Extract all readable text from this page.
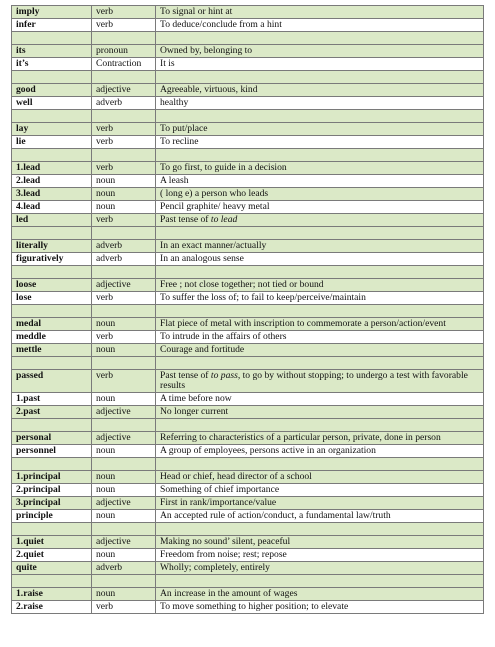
imply	verb	To signal or hint at
infer	verb	To deduce/conclude from a hint

its	pronoun	Owned by, belonging to
it’s	Contraction	It is

good	adjective	Agreeable, virtuous, kind
well	adverb	healthy

lay	verb	To put/place
lie	verb	To recline

1.lead	verb	To go first, to guide in a decision
2.lead	noun	A leash
3.lead	noun	( long e) a person who leads
4.lead	noun	Pencil graphite/ heavy metal
led	verb	Past tense of to lead

literally	adverb	In an exact manner/actually
figuratively	adverb	In an analogous sense

loose	adjective	Free ; not close together; not tied or bound
lose	verb	To suffer the loss of; to fail to keep/perceive/maintain

medal	noun	Flat piece of metal with inscription to commemorate a person/action/event
meddle	verb	To intrude in the affairs of others
mettle	noun	Courage and fortitude

passed	verb	Past tense of to pass, to go by without stopping; to undergo a test with favorable results
1.past	noun	A time before now
2.past	adjective	No longer current

personal	adjective	Referring to characteristics of a particular person, private, done in person
personnel	noun	A group of employees, persons active in an organization

1.principal	noun	Head or chief, head director of a school
2.principal	noun	Something of chief importance
3.principal	adjective	First in rank/importance/value
principle	noun	An accepted rule of action/conduct, a fundamental law/truth

1.quiet	adjective	Making no sound’ silent, peaceful
2.quiet	noun	Freedom from noise; rest; repose
quite	adverb	Wholly; completely, entirely

1.raise	noun	An increase in the amount of wages
2.raise	verb	To move something to higher position; to elevate
